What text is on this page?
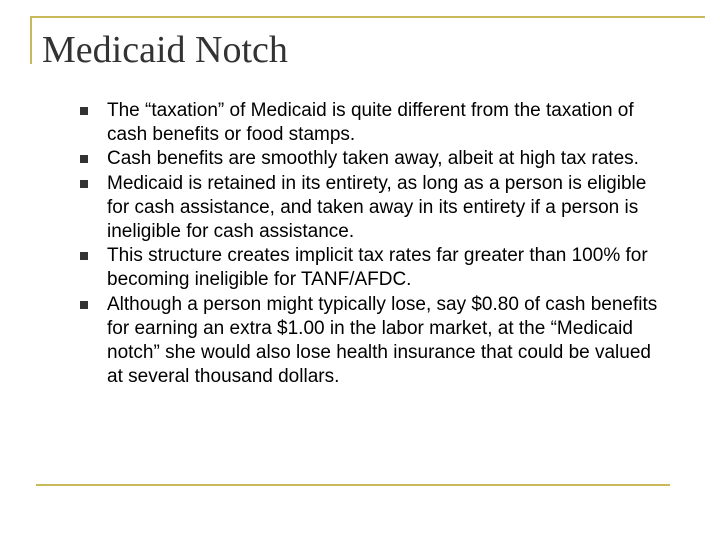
Medicaid Notch
The “taxation” of Medicaid is quite different from the taxation of cash benefits or food stamps.
Cash benefits are smoothly taken away, albeit at high tax rates.
Medicaid is retained in its entirety, as long as a person is eligible for cash assistance, and taken away in its entirety if a person is ineligible for cash assistance.
This structure creates implicit tax rates far greater than 100% for becoming ineligible for TANF/AFDC.
Although a person might typically lose, say $0.80 of cash benefits for earning an extra $1.00 in the labor market, at the “Medicaid notch” she would also lose health insurance that could be valued at several thousand dollars.
